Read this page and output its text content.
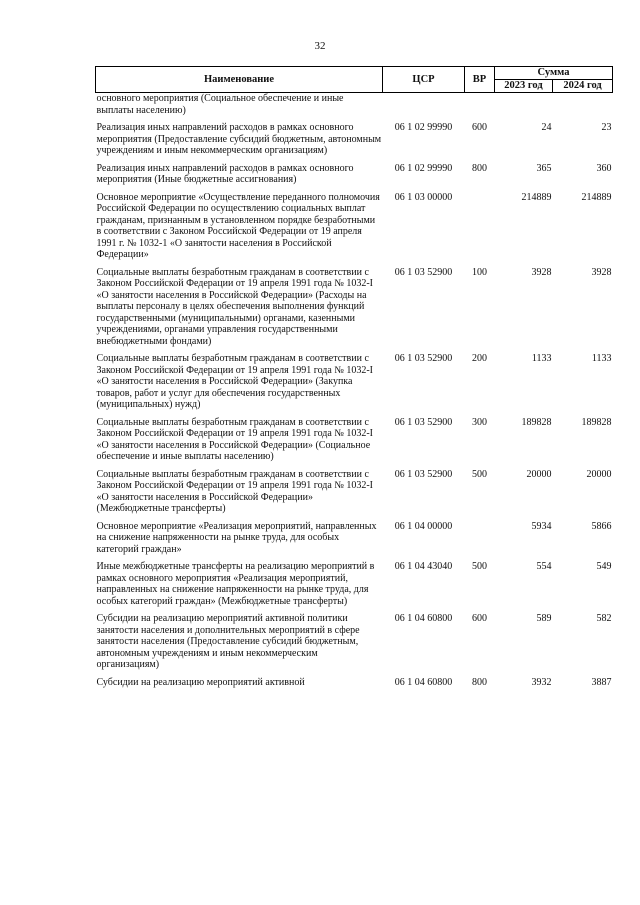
32
Наименование	ЦСР	ВР	Сумма	
			2023 год	2024 год
основного мероприятия (Социальное обеспечение и иные выплаты населению)				
Реализация иных направлений расходов в рамках основного мероприятия (Предоставление субсидий бюджетным, автономным учреждениям и иным некоммерческим организациям)	06 1 02 99990	600	24	23
Реализация иных направлений расходов в рамках основного мероприятия (Иные бюджетные ассигнования)	06 1 02 99990	800	365	360
Основное мероприятие «Осуществление переданного полномочия Российской Федерации по осуществлению социальных выплат гражданам, признанным в установленном порядке безработными в соответствии с Законом Российской Федерации от 19 апреля 1991 г. № 1032-1 «О занятости населения в Российской Федерации»	06 1 03 00000		214889	214889
Социальные выплаты безработным гражданам в соответствии с Законом Российской Федерации от 19 апреля 1991 года № 1032-I «О занятости населения в Российской Федерации» (Расходы на выплаты персоналу в целях обеспечения выполнения функций государственными (муниципальными) органами, казенными учреждениями, органами управления государственными внебюджетными фондами)	06 1 03 52900	100	3928	3928
Социальные выплаты безработным гражданам в соответствии с Законом Российской Федерации от 19 апреля 1991 года № 1032-I «О занятости населения в Российской Федерации» (Закупка товаров, работ и услуг для обеспечения государственных (муниципальных) нужд)	06 1 03 52900	200	1133	1133
Социальные выплаты безработным гражданам в соответствии с Законом Российской Федерации от 19 апреля 1991 года № 1032-I «О занятости населения в Российской Федерации» (Социальное обеспечение и иные выплаты населению)	06 1 03 52900	300	189828	189828
Социальные выплаты безработным гражданам в соответствии с Законом Российской Федерации от 19 апреля 1991 года № 1032-I «О занятости населения в Российской Федерации» (Межбюджетные трансферты)	06 1 03 52900	500	20000	20000
Основное мероприятие «Реализация мероприятий, направленных на снижение напряженности на рынке труда, для особых категорий граждан»	06 1 04 00000		5934	5866
Иные межбюджетные трансферты на реализацию мероприятий в рамках основного мероприятия «Реализация мероприятий, направленных на снижение напряженности на рынке труда, для особых категорий граждан» (Межбюджетные трансферты)	06 1 04 43040	500	554	549
Субсидии на реализацию мероприятий активной политики занятости населения и дополнительных мероприятий в сфере занятости населения (Предоставление субсидий бюджетным, автономным учреждениям и иным некоммерческим организациям)	06 1 04 60800	600	589	582
Субсидии на реализацию мероприятий активной	06 1 04 60800	800	3932	3887
